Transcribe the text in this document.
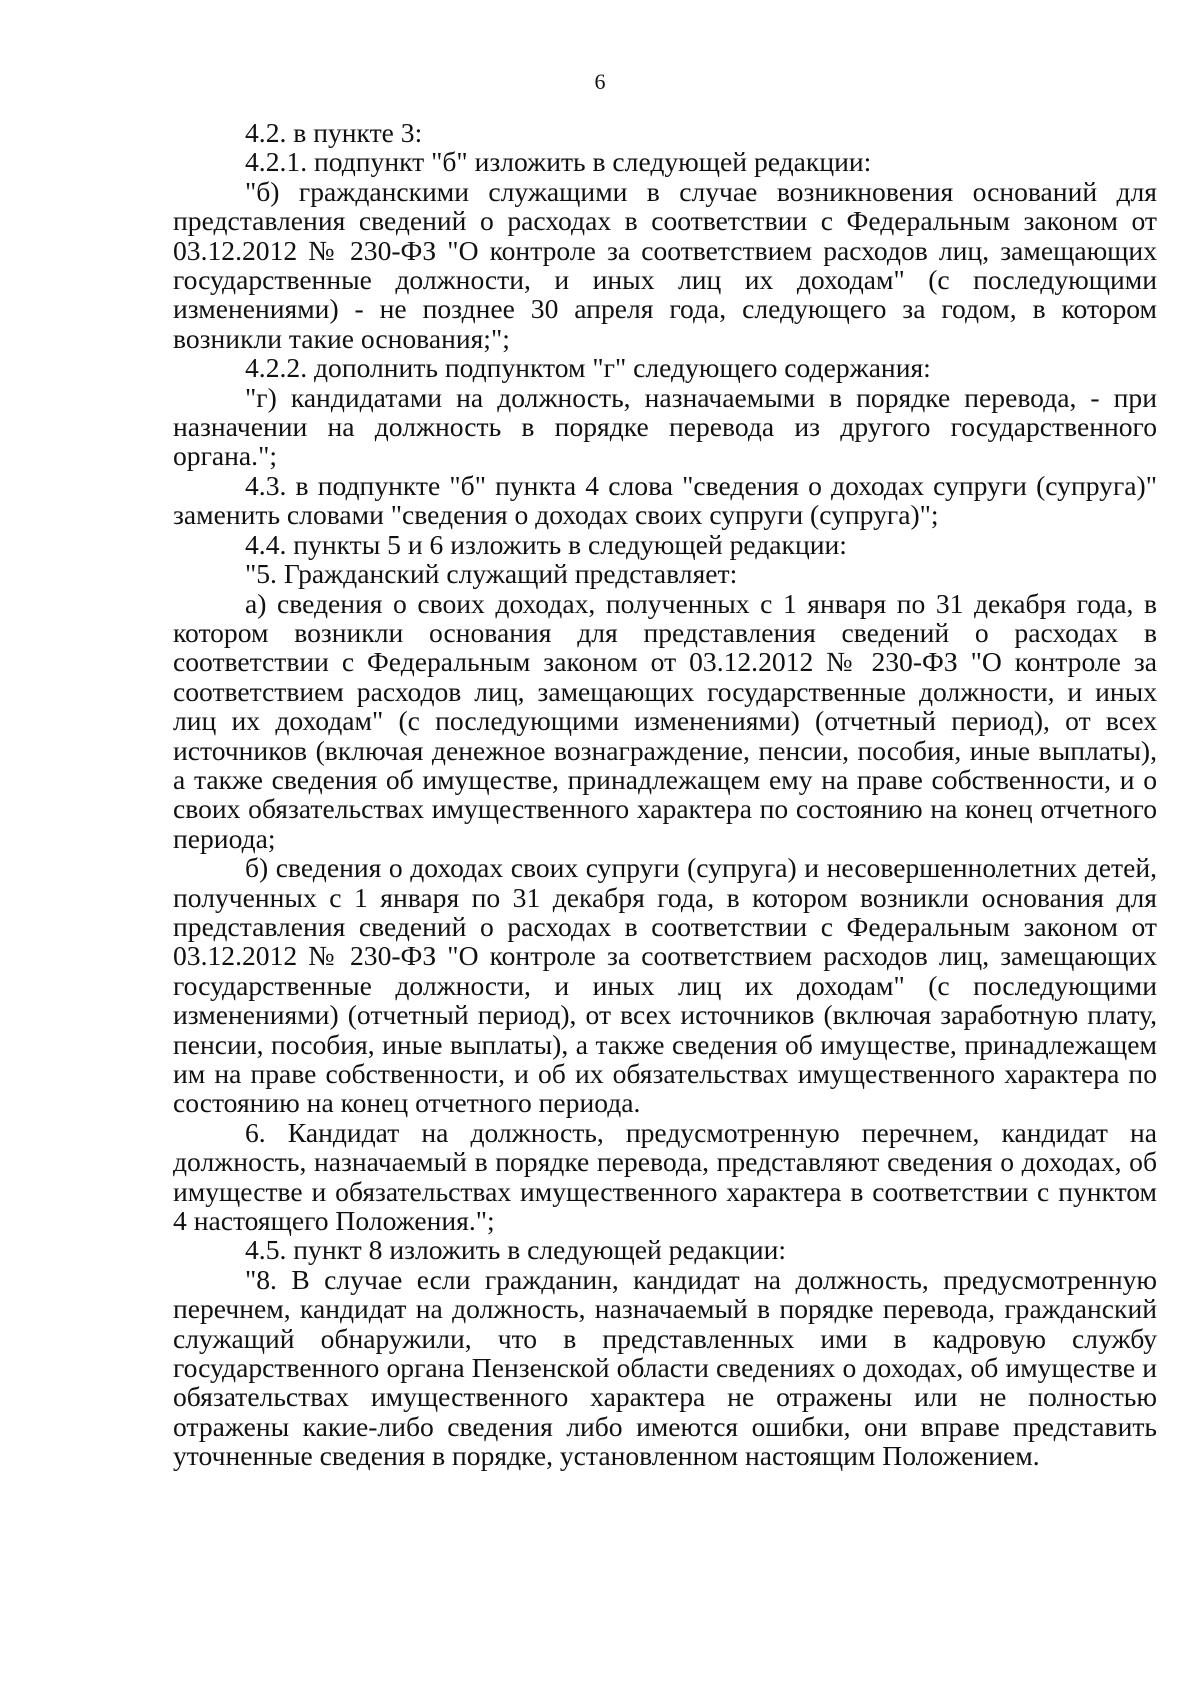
6

4.2. в пункте 3:

4.2.1. подпункт "б" изложить в следующей редакции:

"б) гражданскими служащими в случае возникновения оснований для представления сведений о расходах в соответствии с Федеральным законом от 03.12.2012 № 230-ФЗ "О контроле за соответствием расходов лиц, замещающих государственные должности, и иных лиц их доходам" (с последующими изменениями) - не позднее 30 апреля года, следующего за годом, в котором возникли такие основания;";

4.2.2. дополнить подпунктом "г" следующего содержания:

"г) кандидатами на должность, назначаемыми в порядке перевода, - при назначении на должность в порядке перевода из другого государственного органа.";

4.3. в подпункте "б" пункта 4 слова "сведения о доходах супруги (супруга)" заменить словами "сведения о доходах своих супруги (супруга)";

4.4. пункты 5 и 6 изложить в следующей редакции:

"5. Гражданский служащий представляет:

а) сведения о своих доходах, полученных с 1 января по 31 декабря года, в котором возникли основания для представления сведений о расходах в соответствии с Федеральным законом от 03.12.2012 № 230-ФЗ "О контроле за соответствием расходов лиц, замещающих государственные должности, и иных лиц их доходам" (с последующими изменениями) (отчетный период), от всех источников (включая денежное вознаграждение, пенсии, пособия, иные выплаты), а также сведения об имуществе, принадлежащем ему на праве собственности, и о своих обязательствах имущественного характера по состоянию на конец отчетного периода;

б) сведения о доходах своих супруги (супруга) и несовершеннолетних детей, полученных с 1 января по 31 декабря года, в котором возникли основания для представления сведений о расходах в соответствии с Федеральным законом от 03.12.2012 № 230-ФЗ "О контроле за соответствием расходов лиц, замещающих государственные должности, и иных лиц их доходам" (с последующими изменениями) (отчетный период), от всех источников (включая заработную плату, пенсии, пособия, иные выплаты), а также сведения об имуществе, принадлежащем им на праве собственности, и об их обязательствах имущественного характера по состоянию на конец отчетного периода.

6. Кандидат на должность, предусмотренную перечнем, кандидат на должность, назначаемый в порядке перевода, представляют сведения о доходах, об имуществе и обязательствах имущественного характера в соответствии с пунктом 4 настоящего Положения.";

4.5. пункт 8 изложить в следующей редакции:

"8. В случае если гражданин, кандидат на должность, предусмотренную перечнем, кандидат на должность, назначаемый в порядке перевода, гражданский служащий обнаружили, что в представленных ими в кадровую службу государственного органа Пензенской области сведениях о доходах, об имуществе и обязательствах имущественного характера не отражены или не полностью отражены какие-либо сведения либо имеются ошибки, они вправе представить уточненные сведения в порядке, установленном настоящим Положением.
